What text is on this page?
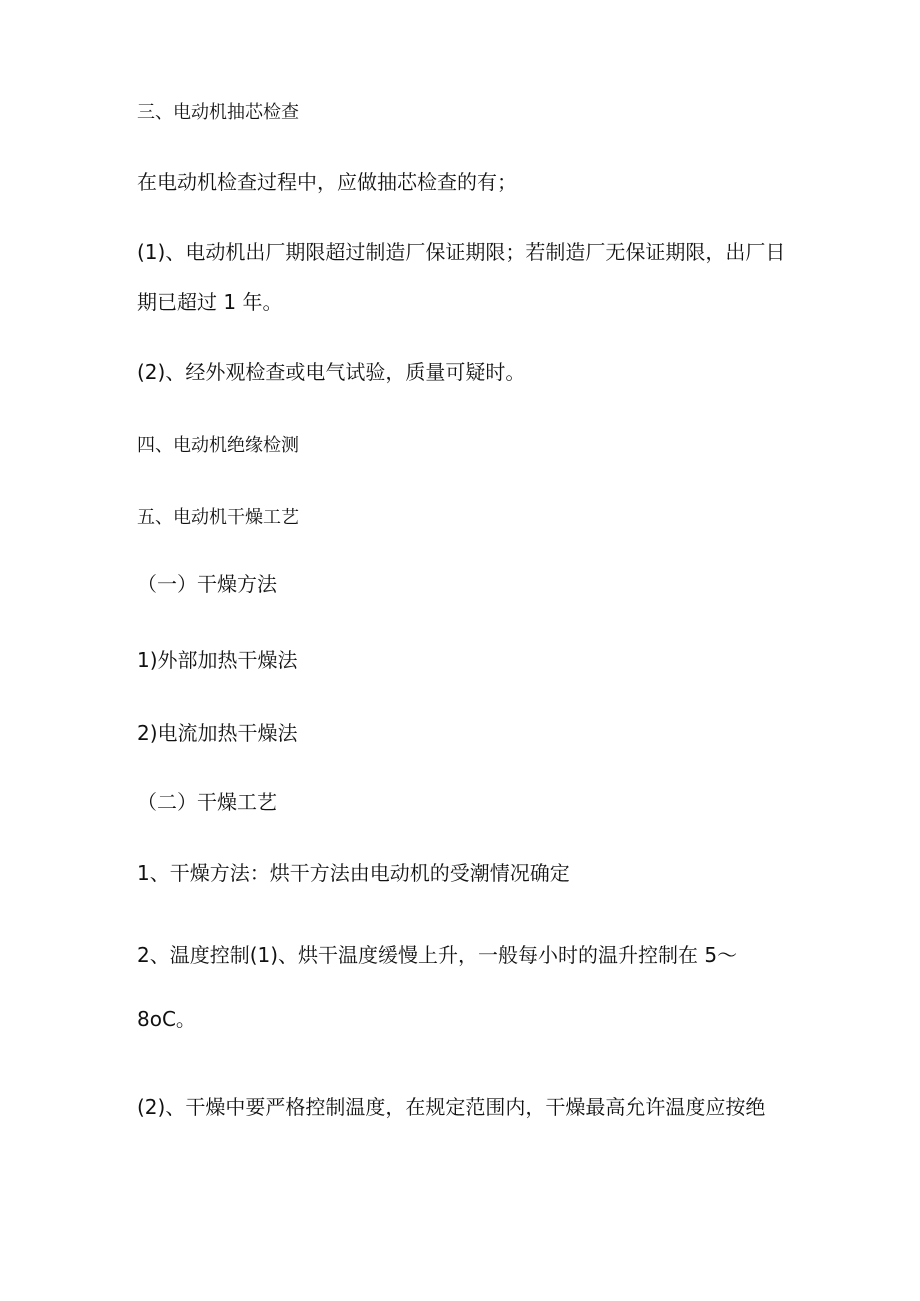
三、电动机抽芯检查
在电动机检查过程中，应做抽芯检查的有；
(1)、电动机出厂期限超过制造厂保证期限；若制造厂无保证期限，出厂日
期已超过 1 年。
(2)、经外观检查或电气试验，质量可疑时。
四、电动机绝缘检测
五、电动机干燥工艺
（一）干燥方法
1)外部加热干燥法
2)电流加热干燥法
（二）干燥工艺
1、干燥方法：烘干方法由电动机的受潮情况确定
2、温度控制(1)、烘干温度缓慢上升，一般每小时的温升控制在 5～
8oC。
(2)、干燥中要严格控制温度，在规定范围内，干燥最高允许温度应按绝
